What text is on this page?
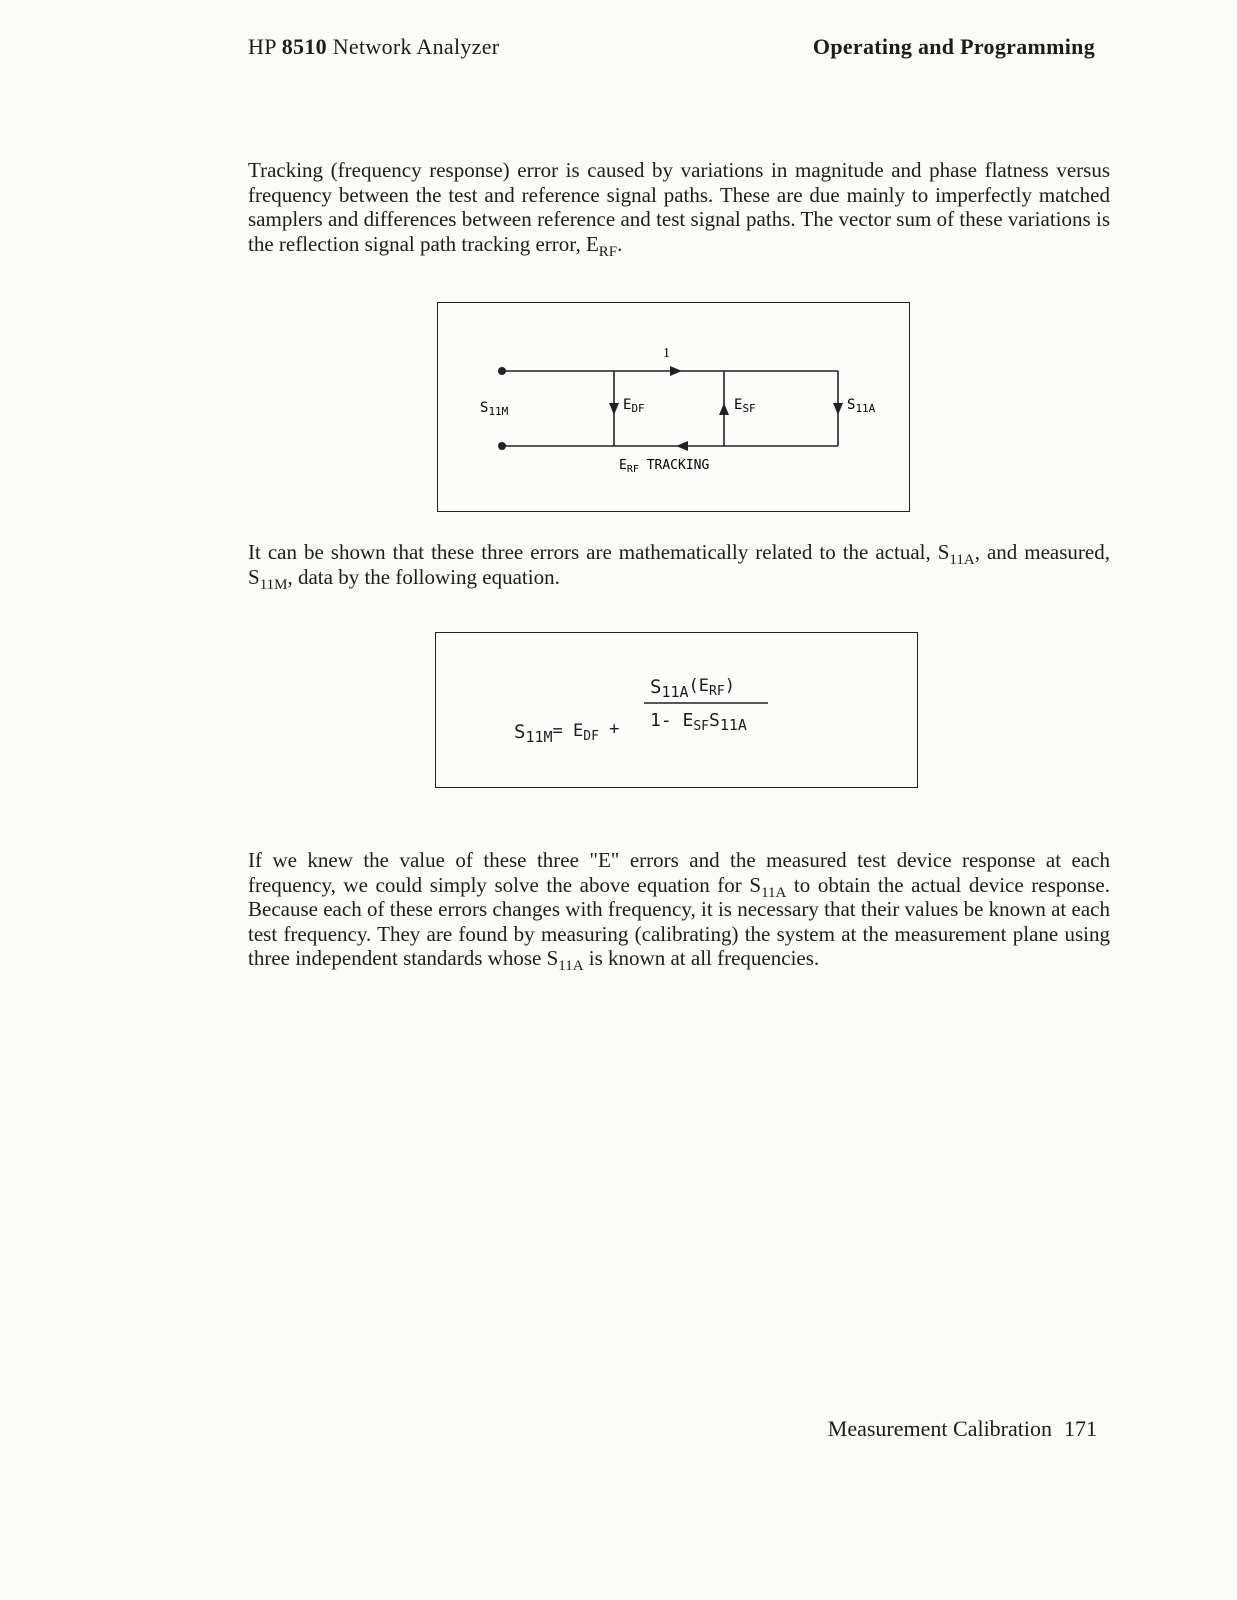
HP 8510 Network Analyzer	Operating and Programming

Tracking (frequency response) error is caused by variations in magnitude and phase flatness versus frequency between the test and reference signal paths. These are due mainly to imperfectly matched samplers and differences between reference and test signal paths. The vector sum of these variations is the reflection signal path tracking error, $E_{RF}$.

1
$S_{11M}$	$E_{DF}$	$E_{SF}$	$S_{11A}$
$E_{RF}$ TRACKING

It can be shown that these three errors are mathematically related to the actual, $S_{11A}$, and measured, $S_{11M}$, data by the following equation.

$S_{11M}= E_{DF}$ +
$S_{11A}(E_{RF})$
1- $E_{SF}S_{11A}$

If we knew the value of these three "E" errors and the measured test device response at each frequency, we could simply solve the above equation for $S_{11A}$ to obtain the actual device response. Because each of these errors changes with frequency, it is necessary that their values be known at each test frequency. They are found by measuring (calibrating) the system at the measurement plane using three independent standards whose $S_{11A}$ is known at all frequencies.

Measurement Calibration 171
